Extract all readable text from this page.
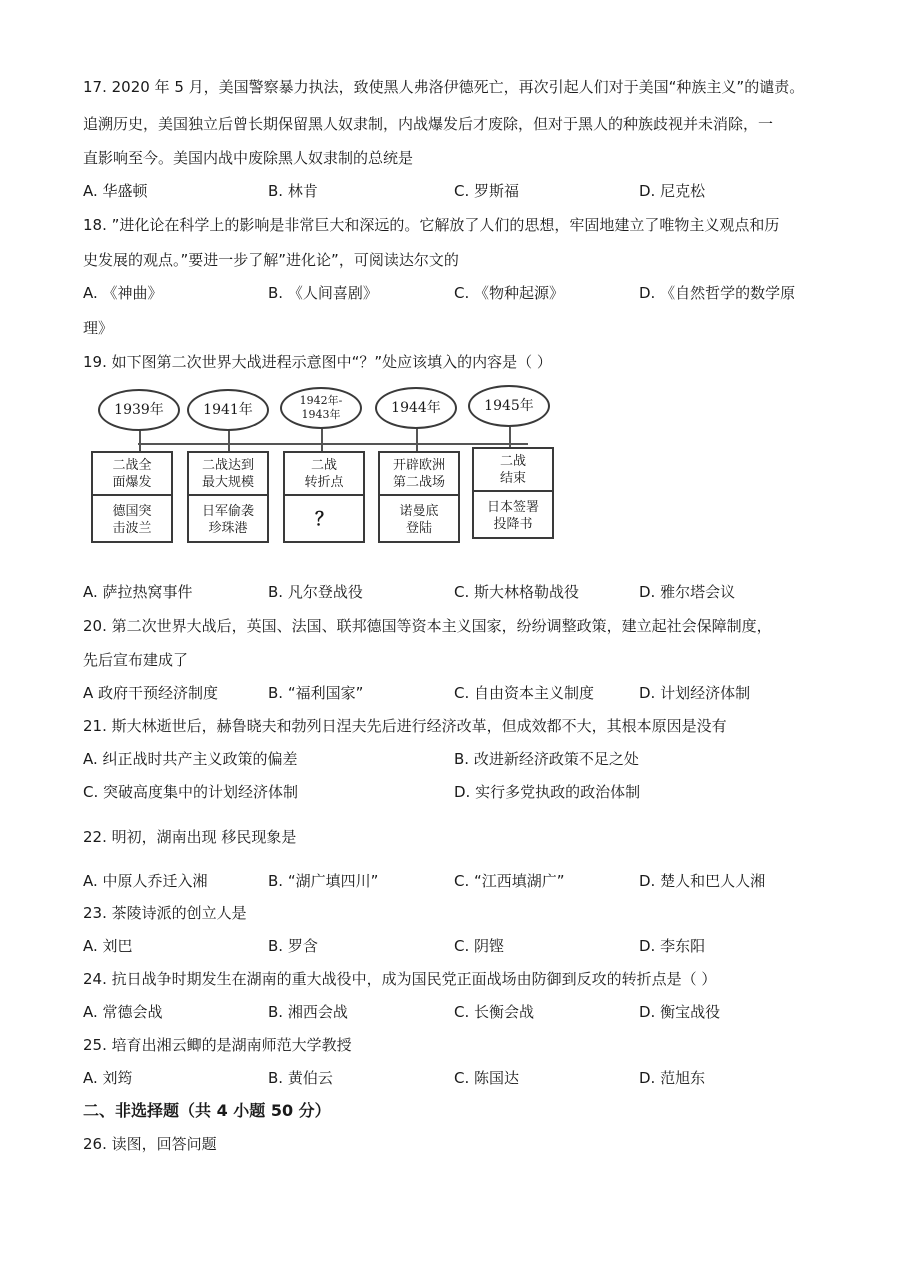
17. 2020 年 5 月，美国警察暴力执法，致使黑人弗洛伊德死亡，再次引起人们对于美国“种族主义”的谴责。
追溯历史，美国独立后曾长期保留黑人奴隶制，内战爆发后才废除，但对于黑人的种族歧视并未消除，一
直影响至今。美国内战中废除黑人奴隶制的总统是
A. 华盛顿	B. 林肯	C. 罗斯福	D. 尼克松
18. ”进化论在科学上的影响是非常巨大和深远的。它解放了人们的思想，牢固地建立了唯物主义观点和历
史发展的观点。”要进一步了解”进化论”，可阅读达尔文的
A. 《神曲》	B. 《人间喜剧》	C. 《物种起源》	D. 《自然哲学的数学原
理》
19. 如下图第二次世界大战进程示意图中“？”处应该填入的内容是（ ）
1939年	1941年
1942年-
1943年	1944年	1945年
二战全
面爆发
德国突
击波兰
二战达到
最大规模
日军偷袭
珍珠港
二战
转折点
？
开辟欧洲
第二战场
诺曼底
登陆
二战
结束
日本签署
投降书
A. 萨拉热窝事件	B. 凡尔登战役	C. 斯大林格勒战役	D. 雅尔塔会议
20. 第二次世界大战后，英国、法国、联邦德国等资本主义国家，纷纷调整政策，建立起社会保障制度，
先后宣布建成了
A 政府干预经济制度	B. “福利国家”	C. 自由资本主义制度	D. 计划经济体制
21. 斯大林逝世后，赫鲁晓夫和勃列日涅夫先后进行经济改革，但成效都不大，其根本原因是没有
A. 纠正战时共产主义政策的偏差	B. 改进新经济政策不足之处
C. 突破高度集中的计划经济体制	D. 实行多党执政的政治体制
22. 明初，湖南出现 移民现象是
A. 中原人乔迁入湘	B. “湖广填四川”	C. “江西填湖广”	D. 楚人和巴人人湘
23. 茶陵诗派的创立人是
A. 刘巴	B. 罗含	C. 阴铿	D. 李东阳
24. 抗日战争时期发生在湖南的重大战役中，成为国民党正面战场由防御到反攻的转折点是（ ）
A. 常德会战	B. 湘西会战	C. 长衡会战	D. 衡宝战役
25. 培育出湘云鲫的是湖南师范大学教授
A. 刘筠	B. 黄伯云	C. 陈国达	D. 范旭东
二、非选择题（共 4 小题 50 分）
26. 读图，回答问题
